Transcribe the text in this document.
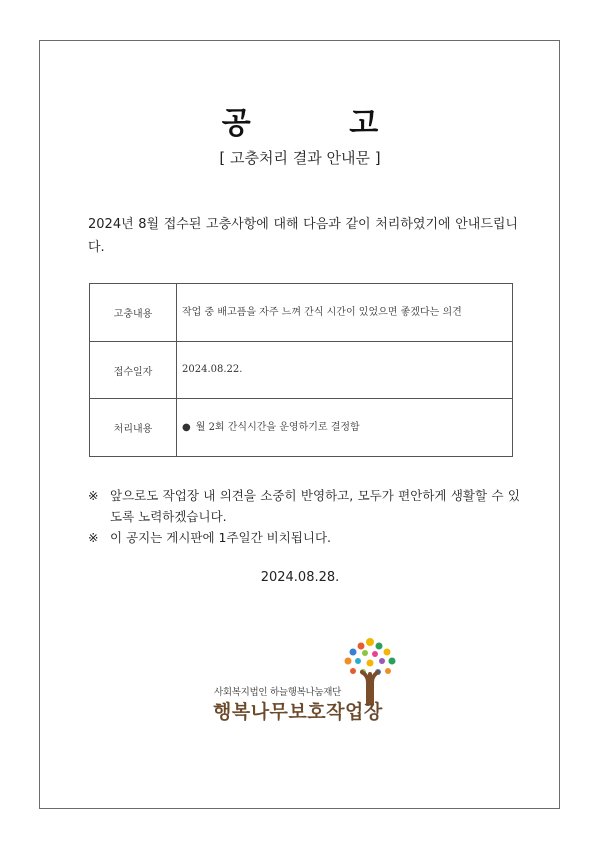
공 고
[ 고충처리 결과 안내문 ]
2024년 8월 접수된 고충사항에 대해 다음과 같이 처리하였기에 안내드립니다.
고충내용	작업 중 배고픔을 자주 느껴 간식 시간이 있었으면 좋겠다는 의견
접수일자	2024.08.22.
처리내용	● 월 2회 간식시간을 운영하기로 결정함
※ 앞으로도 작업장 내 의견을 소중히 반영하고, 모두가 편안하게 생활할 수 있도록 노력하겠습니다.
※ 이 공지는 게시판에 1주일간 비치됩니다.
2024.08.28.
사회복지법인 하늘행복나눔재단
행복나무보호작업장
